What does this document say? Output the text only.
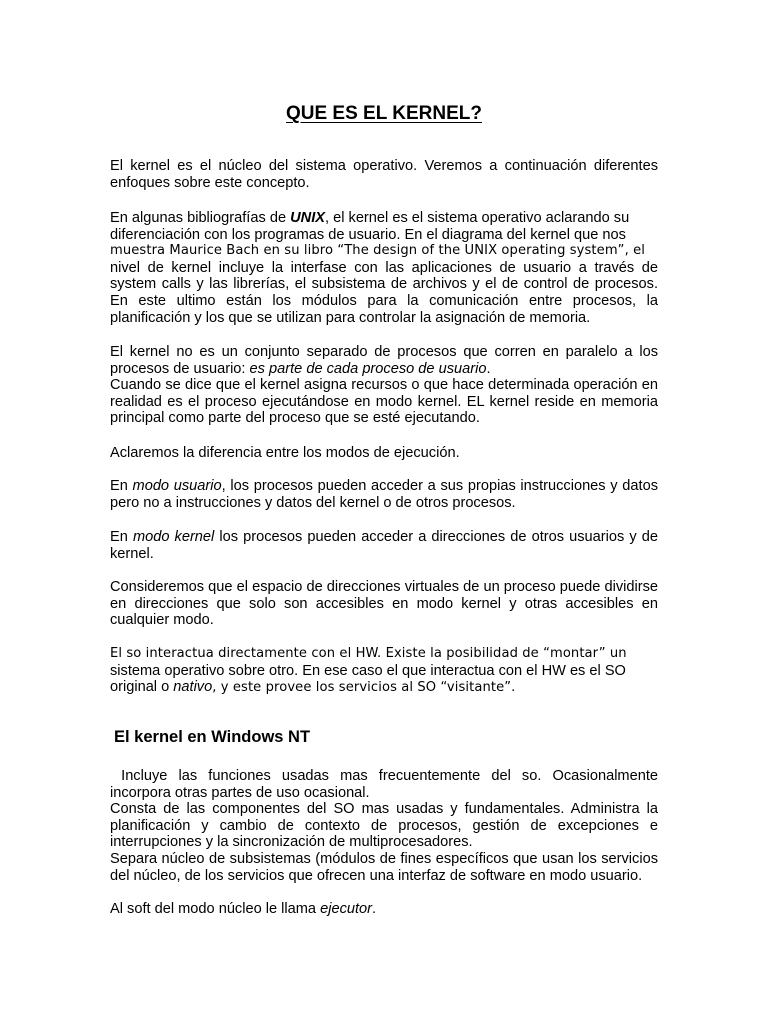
QUE ES EL KERNEL?

El kernel es el núcleo del sistema operativo. Veremos a continuación diferentes enfoques sobre este concepto.

En algunas bibliografías de UNIX, el kernel es el sistema operativo aclarando su
diferenciación con los programas de usuario. En el diagrama del kernel que nos
muestra Maurice Bach en su libro “The design of the UNIX operating system”, el
nivel de kernel incluye la interfase con las aplicaciones de usuario a través de system calls y las librerías, el subsistema de archivos y el de control de procesos. En este ultimo están los módulos para la comunicación entre procesos, la planificación y los que se utilizan para controlar la asignación de memoria.

El kernel no es un conjunto separado de procesos que corren en paralelo a los procesos de usuario: es parte de cada proceso de usuario.

Cuando se dice que el kernel asigna recursos o que hace determinada operación en realidad es el proceso ejecutándose en modo kernel. EL kernel reside en memoria principal como parte del proceso que se esté ejecutando.

Aclaremos la diferencia entre los modos de ejecución.

En modo usuario, los procesos pueden acceder a sus propias instrucciones y datos pero no a instrucciones y datos del kernel o de otros procesos.

En modo kernel los procesos pueden acceder a direcciones de otros usuarios y de kernel.

Consideremos que el espacio de direcciones virtuales de un proceso puede dividirse en direcciones que solo son accesibles en modo kernel y otras accesibles en cualquier modo.

El so interactua directamente con el HW. Existe la posibilidad de “montar” un
sistema operativo sobre otro. En ese caso el que interactua con el HW es el SO
original o nativo, y este provee los servicios al SO “visitante”.

El kernel en Windows NT

Incluye las funciones usadas mas frecuentemente del so. Ocasionalmente incorpora otras partes de uso ocasional.

Consta de las componentes del SO mas usadas y fundamentales. Administra la planificación y cambio de contexto de procesos, gestión de excepciones e interrupciones y la sincronización de multiprocesadores.

Separa núcleo de subsistemas (módulos de fines específicos que usan los servicios del núcleo, de los servicios que ofrecen una interfaz de software en modo usuario.

Al soft del modo núcleo le llama ejecutor.
